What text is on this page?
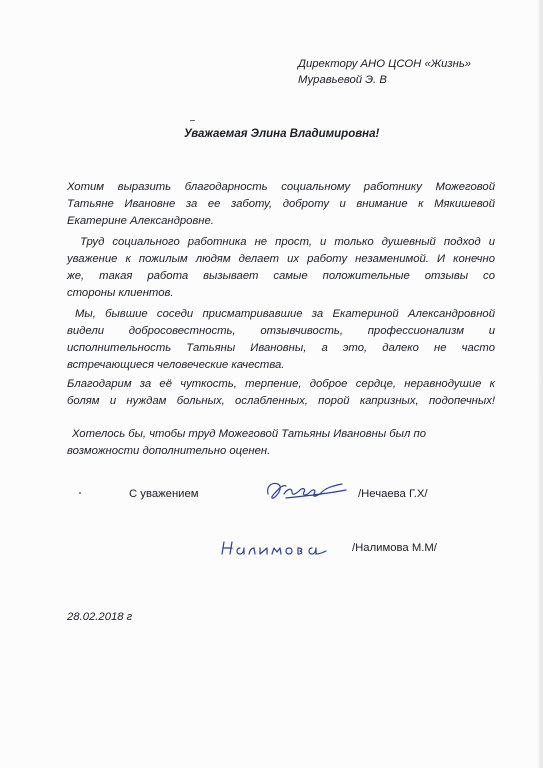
Директору АНО ЦСОН «Жизнь»
Муравьевой Э. В
Уважаемая Элина Владимировна!
Хотим выразить благодарность социальному работнику Можеговой
Татьяне Ивановне за ее заботу, доброту и внимание к Мякишевой
Екатерине Александровне.
Труд социального работника не прост, и только душевный подход и
уважение к пожилым людям делает их работу незаменимой. И конечно
же, такая работа вызывает самые положительные отзывы со
стороны клиентов.
Мы, бывшие соседи присматривавшие за Екатериной Александровной
видели добросовестность, отзывчивость, профессионализм и
исполнительность Татьяны Ивановны, а это, далеко не часто
встречающиеся человеческие качества.
Благодарим за её чуткость, терпение, доброе сердце, неравнодушие к
болям и нуждам больных, ослабленных, порой капризных, подопечных!
Хотелось бы, чтобы труд Можеговой Татьяны Ивановны был по
возможности дополнительно оценен.
С уважением	/Нечаева Г.Х/
/Налимова М.М/
28.02.2018 г
